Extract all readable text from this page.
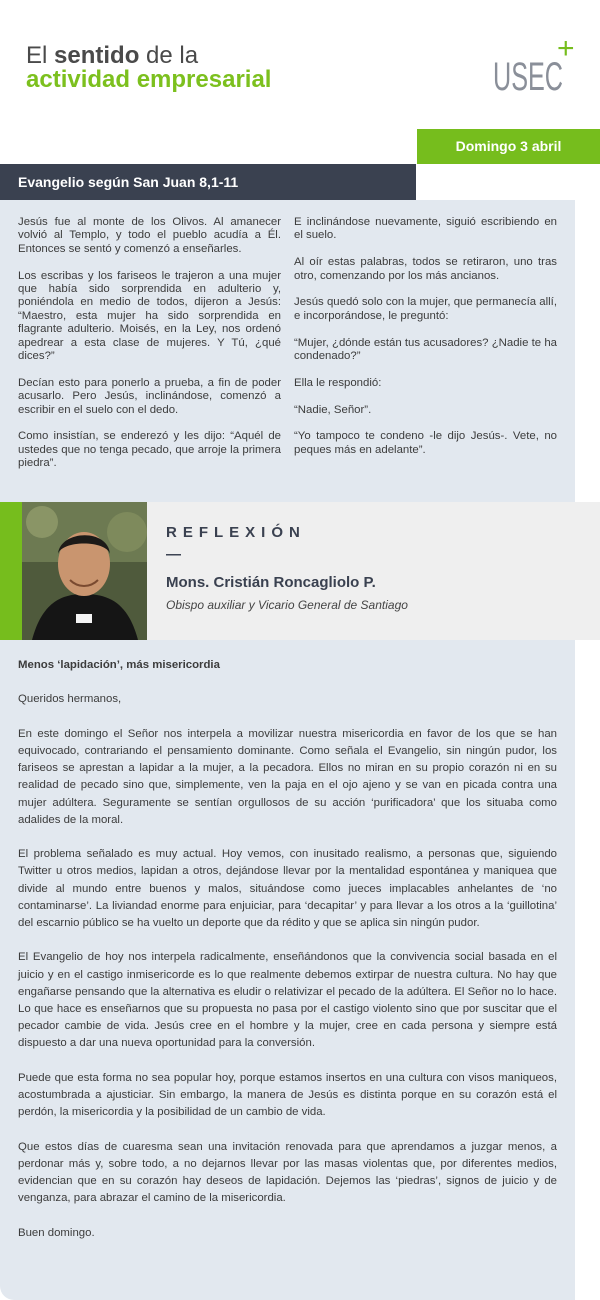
El sentido de la
actividad empresarial	USEC
+
Domingo 3 abril
Evangelio según San Juan 8,1-11

Jesús fue al monte de los Olivos. Al amanecer volvió al Templo, y todo el pueblo acudía a Él. Entonces se sentó y comenzó a enseñarles.

Los escribas y los fariseos le trajeron a una mujer que había sido sorprendida en adulterio y, poniéndola en medio de todos, dijeron a Jesús: “Maestro, esta mujer ha sido sorprendida en flagrante adulterio. Moisés, en la Ley, nos ordenó apedrear a esta clase de mujeres. Y Tú, ¿qué dices?”

Decían esto para ponerlo a prueba, a fin de poder acusarlo. Pero Jesús, inclinándose, comenzó a escribir en el suelo con el dedo.

Como insistían, se enderezó y les dijo: “Aquél de ustedes que no tenga pecado, que arroje la primera piedra”.

E inclinándose nuevamente, siguió escribiendo en el suelo.

Al oír estas palabras, todos se retiraron, uno tras otro, comenzando por los más ancianos.

Jesús quedó solo con la mujer, que permanecía allí, e incorporándose, le preguntó:

“Mujer, ¿dónde están tus acusadores? ¿Nadie te ha condenado?”

Ella le respondió:

“Nadie, Señor”.

“Yo tampoco te condeno -le dijo Jesús-. Vete, no peques más en adelante”.

REFLEXIÓN
—
Mons. Cristián Roncagliolo P.
Obispo auxiliar y Vicario General de Santiago

Menos ‘lapidación’, más misericordia

Queridos hermanos,

En este domingo el Señor nos interpela a movilizar nuestra misericordia en favor de los que se han equivocado, contrariando el pensamiento dominante. Como señala el Evangelio, sin ningún pudor, los fariseos se aprestan a lapidar a la mujer, a la pecadora. Ellos no miran en su propio corazón ni en su realidad de pecado sino que, simplemente, ven la paja en el ojo ajeno y se van en picada contra una mujer adúltera. Seguramente se sentían orgullosos de su acción ‘purificadora’ que los situaba como adalides de la moral.

El problema señalado es muy actual. Hoy vemos, con inusitado realismo, a personas que, siguiendo Twitter u otros medios, lapidan a otros, dejándose llevar por la mentalidad espontánea y maniquea que divide al mundo entre buenos y malos, situándose como jueces implacables anhelantes de ‘no contaminarse’. La liviandad enorme para enjuiciar, para ‘decapitar’ y para llevar a los otros a la ‘guillotina’ del escarnio público se ha vuelto un deporte que da rédito y que se aplica sin ningún pudor.

El Evangelio de hoy nos interpela radicalmente, enseñándonos que la convivencia social basada en el juicio y en el castigo inmisericorde es lo que realmente debemos extirpar de nuestra cultura. No hay que engañarse pensando que la alternativa es eludir o relativizar el pecado de la adúltera. El Señor no lo hace. Lo que hace es enseñarnos que su propuesta no pasa por el castigo violento sino que por suscitar que el pecador cambie de vida. Jesús cree en el hombre y la mujer, cree en cada persona y siempre está dispuesto a dar una nueva oportunidad para la conversión.

Puede que esta forma no sea popular hoy, porque estamos insertos en una cultura con visos maniqueos, acostumbrada a ajusticiar. Sin embargo, la manera de Jesús es distinta porque en su corazón está el perdón, la misericordia y la posibilidad de un cambio de vida.

Que estos días de cuaresma sean una invitación renovada para que aprendamos a juzgar menos, a perdonar más y, sobre todo, a no dejarnos llevar por las masas violentas que, por diferentes medios, evidencian que en su corazón hay deseos de lapidación. Dejemos las ‘piedras’, signos de juicio y de venganza, para abrazar el camino de la misericordia.

Buen domingo.
